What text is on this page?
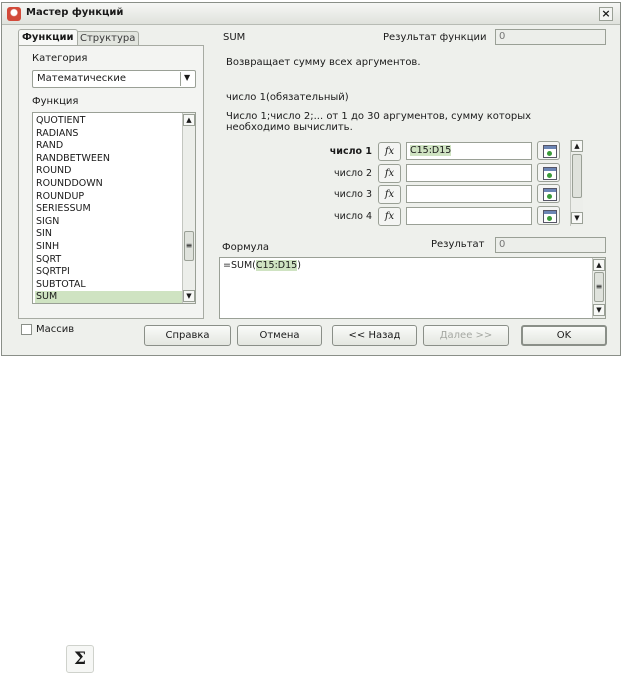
Мастер функций	×
Функции Структура
Категория
Математические	▼
Функция
QUOTIENT
RADIANS
RAND
RANDBETWEEN
ROUND
ROUNDDOWN
ROUNDUP
SERIESSUM
SIGN
SIN
SINH
SQRT
SQRTPI
SUBTOTAL
SUM
▲
≡
▼
Массив
SUM	Результат функции	0
Возвращает сумму всех аргументов.
число 1(обязательный)
Число 1;число 2;... от 1 до 30 аргументов, сумму которых необходимо вычислить.
число 1	fx	C15:D15
число 2	fx
число 3	fx
число 4	fx
▲
▼
Формула	Результат	0
=SUM(C15:D15)	▲
≡
▼
Справка	Отмена	<< Назад	Далее >>	OK
Σ
